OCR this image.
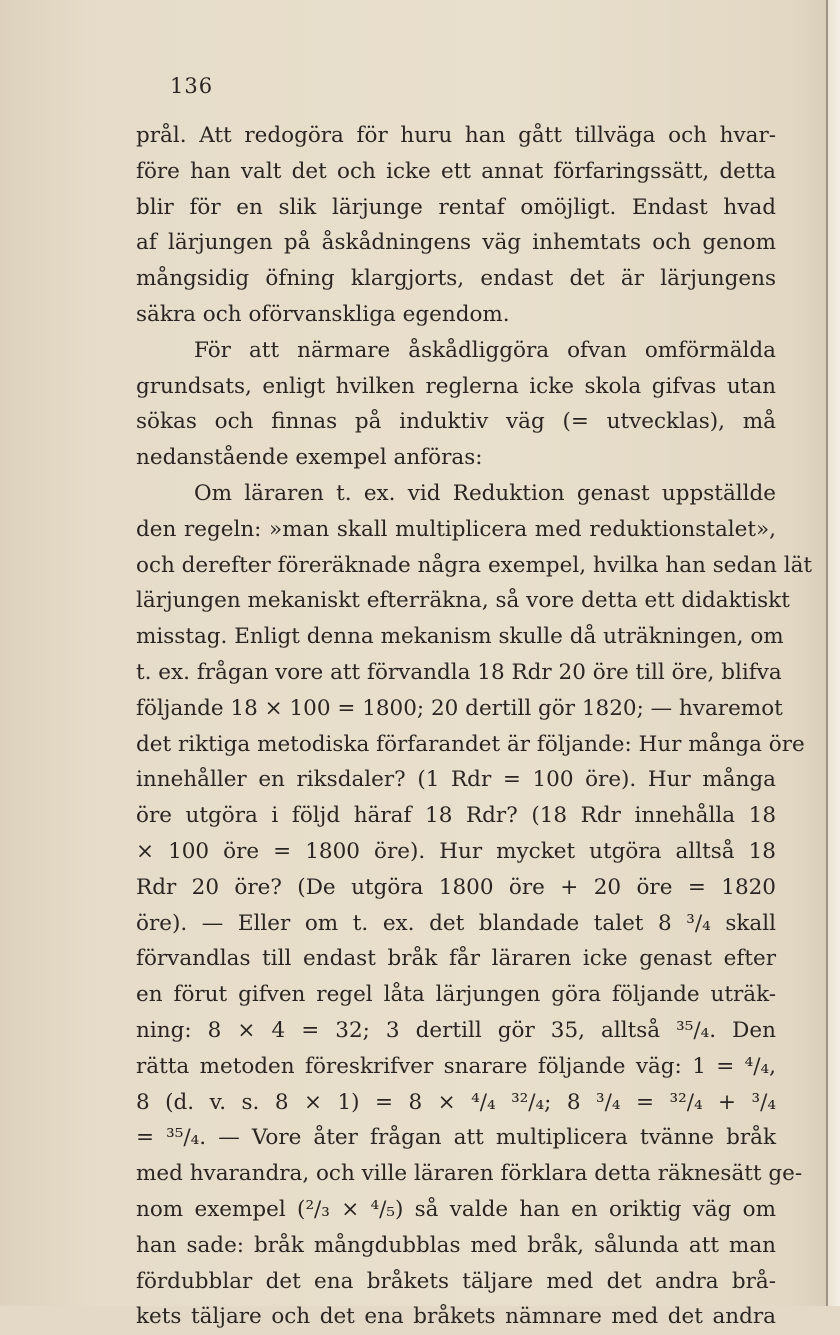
136
prål. Att redogöra för huru han gått tillväga och hvar-
före han valt det och icke ett annat förfaringssätt, detta
blir för en slik lärjunge rentaf omöjligt. Endast hvad
af lärjungen på åskådningens väg inhemtats och genom
mångsidig öfning klargjorts, endast det är lärjungens
säkra och oförvanskliga egendom.
För att närmare åskådliggöra ofvan omförmälda
grundsats, enligt hvilken reglerna icke skola gifvas utan
sökas och finnas på induktiv väg (= utvecklas), må
nedanstående exempel anföras:
Om läraren t. ex. vid Reduktion genast uppställde
den regeln: »man skall multiplicera med reduktionstalet»,
och derefter föreräknade några exempel, hvilka han sedan lät
lärjungen mekaniskt efterräkna, så vore detta ett didaktiskt
misstag. Enligt denna mekanism skulle då uträkningen, om
t. ex. frågan vore att förvandla 18 Rdr 20 öre till öre, blifva
följande 18 × 100 = 1800; 20 dertill gör 1820; — hvaremot
det riktiga metodiska förfarandet är följande: Hur många öre
innehåller en riksdaler? (1 Rdr = 100 öre). Hur många
öre utgöra i följd häraf 18 Rdr? (18 Rdr innehålla 18
× 100 öre = 1800 öre). Hur mycket utgöra alltså 18
Rdr 20 öre? (De utgöra 1800 öre + 20 öre = 1820
öre). — Eller om t. ex. det blandade talet 8 ³/₄ skall
förvandlas till endast bråk får läraren icke genast efter
en förut gifven regel låta lärjungen göra följande uträk-
ning: 8 × 4 = 32; 3 dertill gör 35, alltså ³⁵/₄. Den
rätta metoden föreskrifver snarare följande väg: 1 = ⁴/₄,
8 (d. v. s. 8 × 1) = 8 × ⁴/₄ ³²/₄; 8 ³/₄ = ³²/₄ + ³/₄
= ³⁵/₄. — Vore åter frågan att multiplicera tvänne bråk
med hvarandra, och ville läraren förklara detta räknesätt ge-
nom exempel (²/₃ × ⁴/₅) så valde han en oriktig väg om
han sade: bråk mångdubblas med bråk, sålunda att man
fördubblar det ena bråkets täljare med det andra brå-
kets täljare och det ena bråkets nämnare med det andra
